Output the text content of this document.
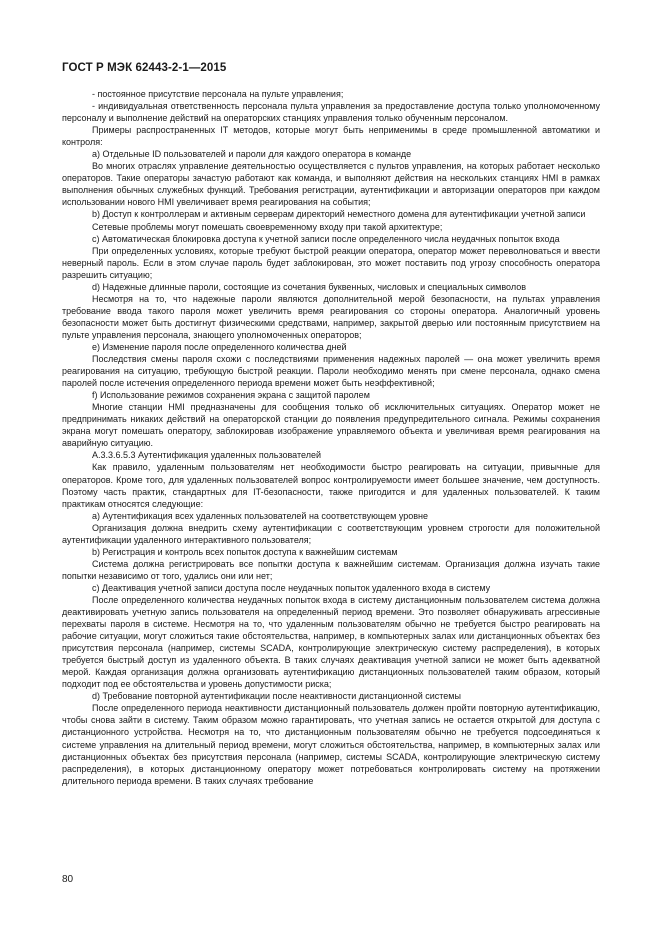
ГОСТ Р МЭК 62443-2-1—2015

- постоянное присутствие персонала на пульте управления;

- индивидуальная ответственность персонала пульта управления за предоставление доступа только уполномоченному персоналу и выполнение действий на операторских станциях управления только обученным персоналом.

Примеры распространенных IT методов, которые могут быть неприменимы в среде промышленной автоматики и контроля:

а) Отдельные ID пользователей и пароли для каждого оператора в команде

Во многих отраслях управление деятельностью осуществляется с пультов управления, на которых работает несколько операторов. Такие операторы зачастую работают как команда, и выполняют действия на нескольких станциях HMI в рамках выполнения обычных служебных функций. Требования регистрации, аутентификации и авторизации операторов при каждом использовании нового HMI увеличивает время реагирования на события;

b) Доступ к контроллерам и активным серверам директорий неместного домена для аутентификации учетной записи

Сетевые проблемы могут помешать своевременному входу при такой архитектуре;

c) Автоматическая блокировка доступа к учетной записи после определенного числа неудачных попыток входа

При определенных условиях, которые требуют быстрой реакции оператора, оператор может переволноваться и ввести неверный пароль. Если в этом случае пароль будет заблокирован, это может поставить под угрозу способность оператора разрешить ситуацию;

d) Надежные длинные пароли, состоящие из сочетания буквенных, числовых и специальных символов

Несмотря на то, что надежные пароли являются дополнительной мерой безопасности, на пультах управления требование ввода такого пароля может увеличить время реагирования со стороны оператора. Аналогичный уровень безопасности может быть достигнут физическими средствами, например, закрытой дверью или постоянным присутствием на пульте управления персонала, знающего уполномоченных операторов;

е) Изменение пароля после определенного количества дней

Последствия смены пароля схожи с последствиями применения надежных паролей — она может увеличить время реагирования на ситуацию, требующую быстрой реакции. Пароли необходимо менять при смене персонала, однако смена паролей после истечения определенного периода времени может быть неэффективной;

f) Использование режимов сохранения экрана с защитой паролем

Многие станции HMI предназначены для сообщения только об исключительных ситуациях. Оператор может не предпринимать никаких действий на операторской станции до появления предупредительного сигнала. Режимы сохранения экрана могут помешать оператору, заблокировав изображение управляемого объекта и увеличивая время реагирования на аварийную ситуацию.

А.3.3.6.5.3 Аутентификация удаленных пользователей

Как правило, удаленным пользователям нет необходимости быстро реагировать на ситуации, привычные для операторов. Кроме того, для удаленных пользователей вопрос контролируемости имеет большее значение, чем доступность. Поэтому часть практик, стандартных для IT-безопасности, также пригодится и для удаленных пользователей. К таким практикам относятся следующие:

а) Аутентификация всех удаленных пользователей на соответствующем уровне

Организация должна внедрить схему аутентификации с соответствующим уровнем строгости для положительной аутентификации удаленного интерактивного пользователя;

b) Регистрация и контроль всех попыток доступа к важнейшим системам

Система должна регистрировать все попытки доступа к важнейшим системам. Организация должна изучать такие попытки независимо от того, удались они или нет;

c) Деактивация учетной записи доступа после неудачных попыток удаленного входа в систему

После определенного количества неудачных попыток входа в систему дистанционным пользователем система должна деактивировать учетную запись пользователя на определенный период времени. Это позволяет обнаруживать агрессивные перехваты пароля в системе. Несмотря на то, что удаленным пользователям обычно не требуется быстро реагировать на рабочие ситуации, могут сложиться такие обстоятельства, например, в компьютерных залах или дистанционных объектах без присутствия персонала (например, системы SCADA, контролирующие электрическую систему распределения), в которых требуется быстрый доступ из удаленного объекта. В таких случаях деактивация учетной записи не может быть адекватной мерой. Каждая организация должна организовать аутентификацию дистанционных пользователей таким образом, который подходит под ее обстоятельства и уровень допустимости риска;

d) Требование повторной аутентификации после неактивности дистанционной системы

После определенного периода неактивности дистанционный пользователь должен пройти повторную аутентификацию, чтобы снова зайти в систему. Таким образом можно гарантировать, что учетная запись не остается открытой для доступа с дистанционного устройства. Несмотря на то, что дистанционным пользователям обычно не требуется подсоединяться к системе управления на длительный период времени, могут сложиться обстоятельства, например, в компьютерных залах или дистанционных объектах без присутствия персонала (например, системы SCADA, контролирующие электрическую систему распределения), в которых дистанционному оператору может потребоваться контролировать систему на протяжении длительного периода времени. В таких случаях требование

80
